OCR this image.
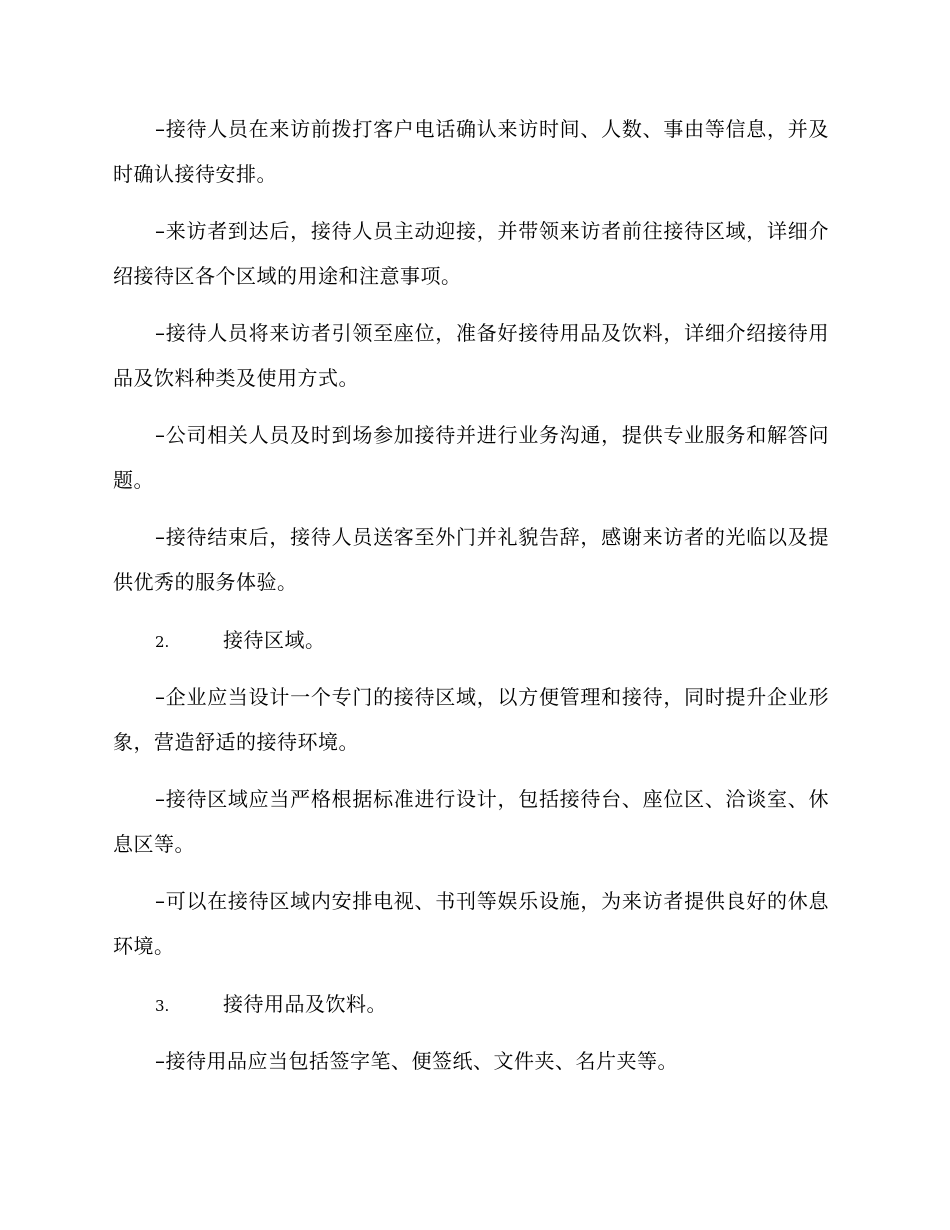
–接待人员在来访前拨打客户电话确认来访时间、人数、事由等信息，并及时确认接待安排。

–来访者到达后，接待人员主动迎接，并带领来访者前往接待区域，详细介绍接待区各个区域的用途和注意事项。

–接待人员将来访者引领至座位，准备好接待用品及饮料，详细介绍接待用品及饮料种类及使用方式。

–公司相关人员及时到场参加接待并进行业务沟通，提供专业服务和解答问题。

–接待结束后，接待人员送客至外门并礼貌告辞，感谢来访者的光临以及提供优秀的服务体验。

2.	接待区域。

–企业应当设计一个专门的接待区域，以方便管理和接待，同时提升企业形象，营造舒适的接待环境。

–接待区域应当严格根据标准进行设计，包括接待台、座位区、洽谈室、休息区等。

–可以在接待区域内安排电视、书刊等娱乐设施，为来访者提供良好的休息环境。

3.	接待用品及饮料。

–接待用品应当包括签字笔、便签纸、文件夹、名片夹等。
